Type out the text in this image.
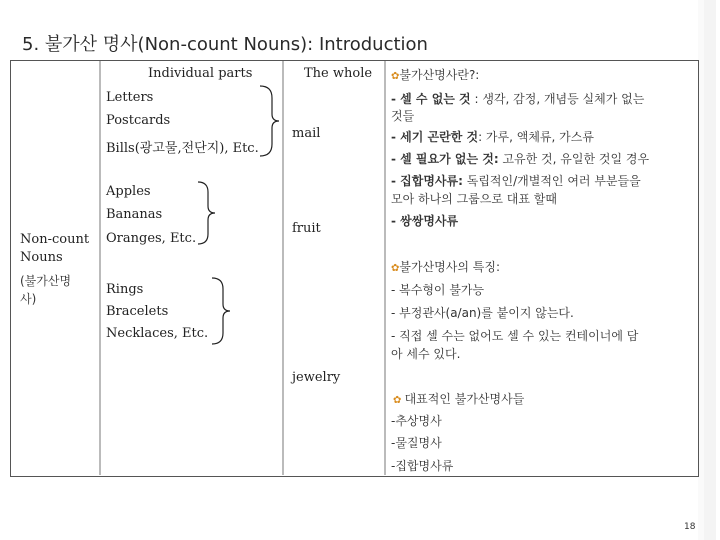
5. 불가산 명사(Non-count Nouns): Introduction
Individual parts	The whole
Non-count
Nouns
(불가산명
사)
Letters
Postcards
Bills(광고물,전단지), Etc.
mail
Apples
Bananas
Oranges, Etc.
fruit
Rings
Bracelets
Necklaces, Etc.
jewelry
✿불가산명사란?:
- 셀 수 없는 것 : 생각, 감정, 개념등 실체가 없는
것들
- 세기 곤란한 것: 가루, 액체류, 가스류
- 셀 필요가 없는 것: 고유한 것, 유일한 것일 경우
- 집합명사류: 독립적인/개별적인 여러 부분들을
모아 하나의 그룹으로 대표 할때
- 쌍쌍명사류
✿불가산명사의 특징:
- 복수형이 불가능
- 부정관사(a/an)를 붙이지 않는다.
- 직접 셀 수는 없어도 셀 수 있는 컨테이너에 담
아 세수 있다.
✿ 대표적인 불가산명사들
-추상명사
-물질명사
-집합명사류
18
